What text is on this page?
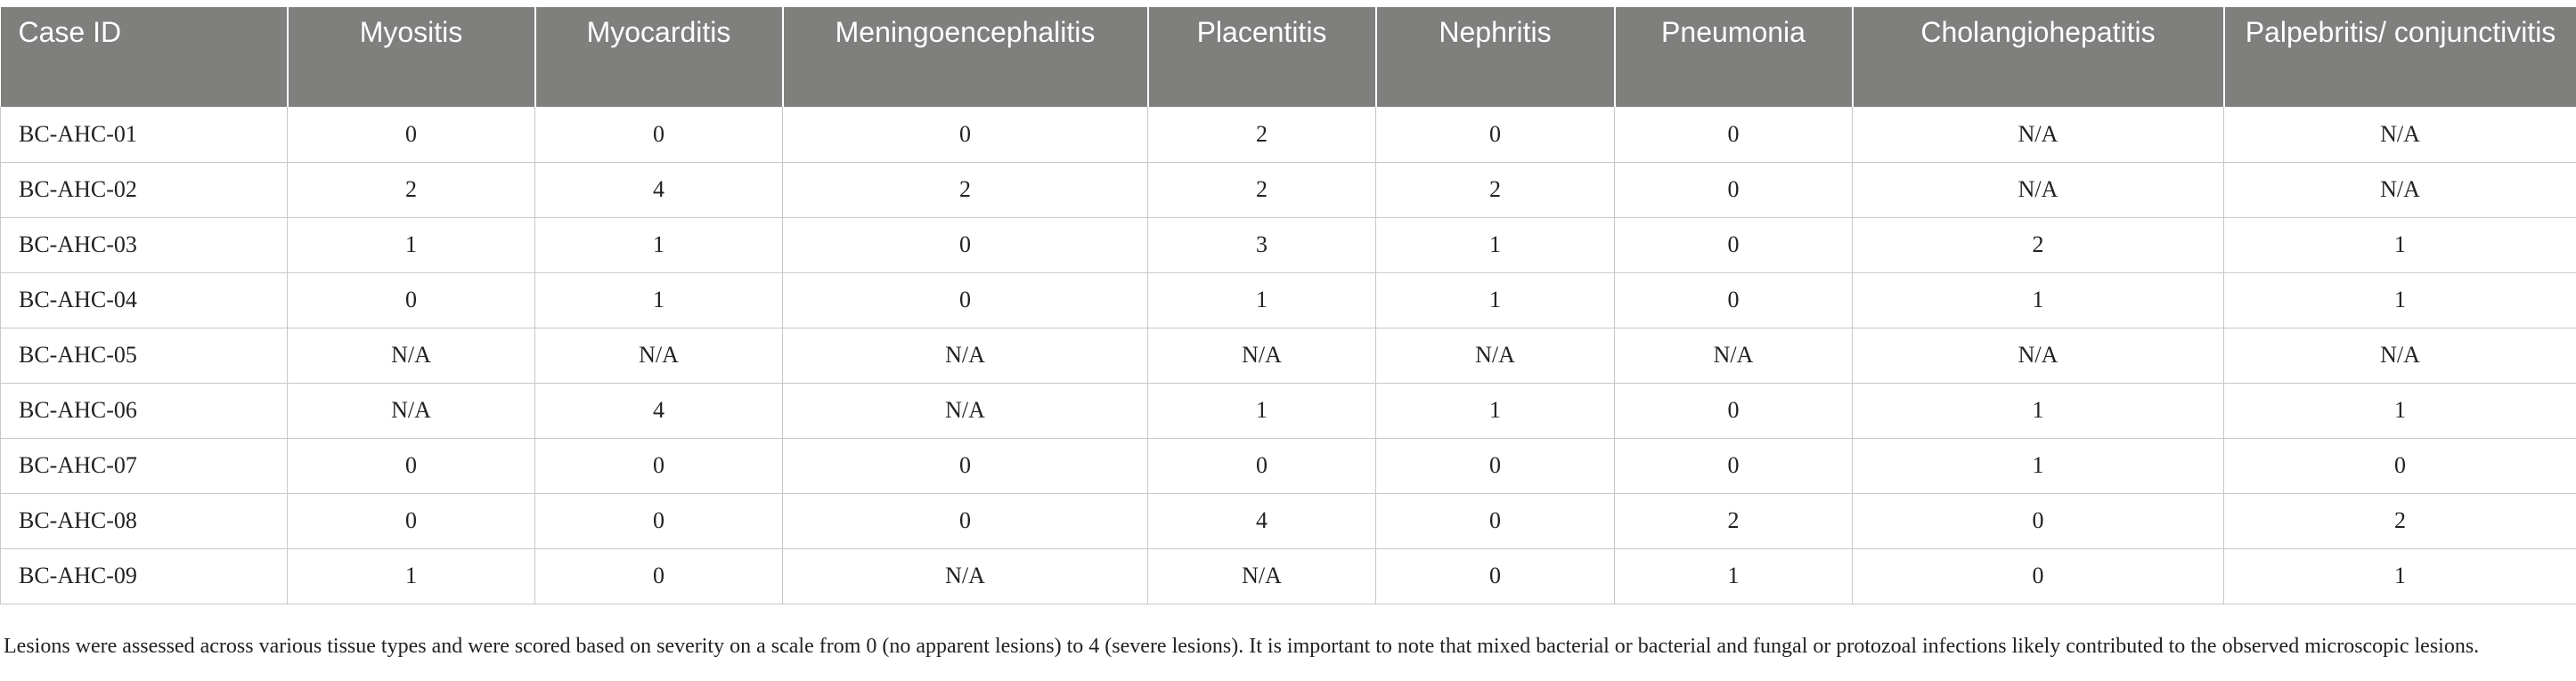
Case ID	Myositis	Myocarditis	Meningoencephalitis	Placentitis	Nephritis	Pneumonia	Cholangiohepatitis	Palpebritis/ conjunctivitis
BC-AHC-01	0	0	0	2	0	0	N/A	N/A
BC-AHC-02	2	4	2	2	2	0	N/A	N/A
BC-AHC-03	1	1	0	3	1	0	2	1
BC-AHC-04	0	1	0	1	1	0	1	1
BC-AHC-05	N/A	N/A	N/A	N/A	N/A	N/A	N/A	N/A
BC-AHC-06	N/A	4	N/A	1	1	0	1	1
BC-AHC-07	0	0	0	0	0	0	1	0
BC-AHC-08	0	0	0	4	0	2	0	2
BC-AHC-09	1	0	N/A	N/A	0	1	0	1

Lesions were assessed across various tissue types and were scored based on severity on a scale from 0 (no apparent lesions) to 4 (severe lesions). It is important to note that mixed bacterial or bacterial and fungal or protozoal infections likely contributed to the observed microscopic lesions.
